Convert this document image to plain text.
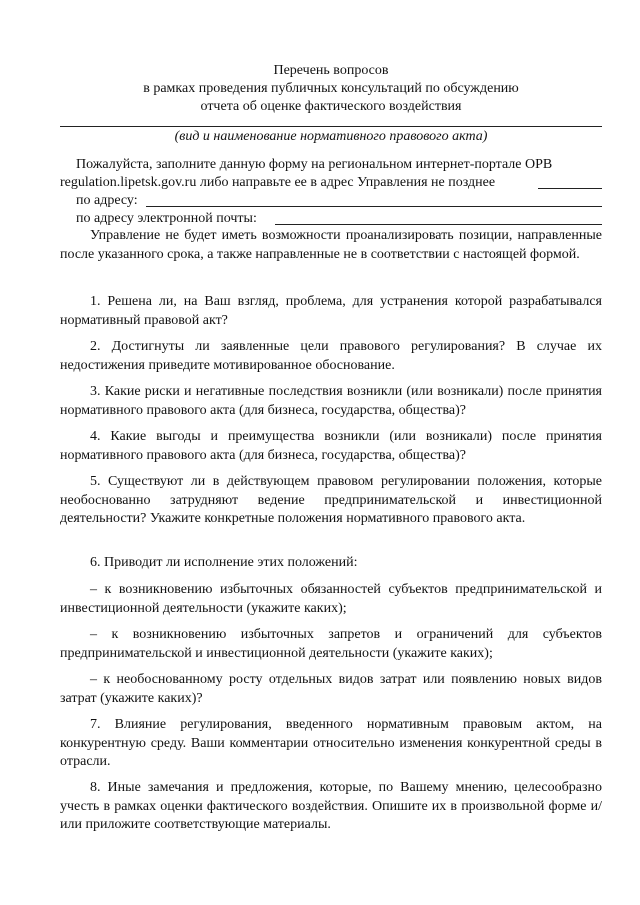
Перечень вопросов
в рамках проведения публичных консультаций по обсуждению
отчета об оценке фактического воздействия
(вид и наименование нормативного правового акта)
Пожалуйста, заполните данную форму на региональном интернет-портале ОРВ
regulation.lipetsk.gov.ru либо направьте ее в адрес Управления не позднее
по адресу:
по адресу электронной почты:
Управление не будет иметь возможности проанализировать позиции, направленные после указанного срока, а также направленные не в соответствии с настоящей формой.
1. Решена ли, на Ваш взгляд, проблема, для устранения которой разрабатывался нормативный правовой акт?
2. Достигнуты ли заявленные цели правового регулирования? В случае их недостижения приведите мотивированное обоснование.
3. Какие риски и негативные последствия возникли (или возникали) после принятия нормативного правового акта (для бизнеса, государства, общества)?
4. Какие выгоды и преимущества возникли (или возникали) после принятия нормативного правового акта (для бизнеса, государства, общества)?
5. Существуют ли в действующем правовом регулировании положения, которые необоснованно затрудняют ведение предпринимательской и инвестиционной деятельности? Укажите конкретные положения нормативного правового акта.
6. Приводит ли исполнение этих положений:
– к возникновению избыточных обязанностей субъектов предпринимательской и инвестиционной деятельности (укажите каких);
– к возникновению избыточных запретов и ограничений для субъектов предпринимательской и инвестиционной деятельности (укажите каких);
– к необоснованному росту отдельных видов затрат или появлению новых видов затрат (укажите каких)?
7. Влияние регулирования, введенного нормативным правовым актом, на конкурентную среду. Ваши комментарии относительно изменения конкурентной среды в отрасли.
8. Иные замечания и предложения, которые, по Вашему мнению, целесообразно учесть в рамках оценки фактического воздействия. Опишите их в произвольной форме и/или приложите соответствующие материалы.
